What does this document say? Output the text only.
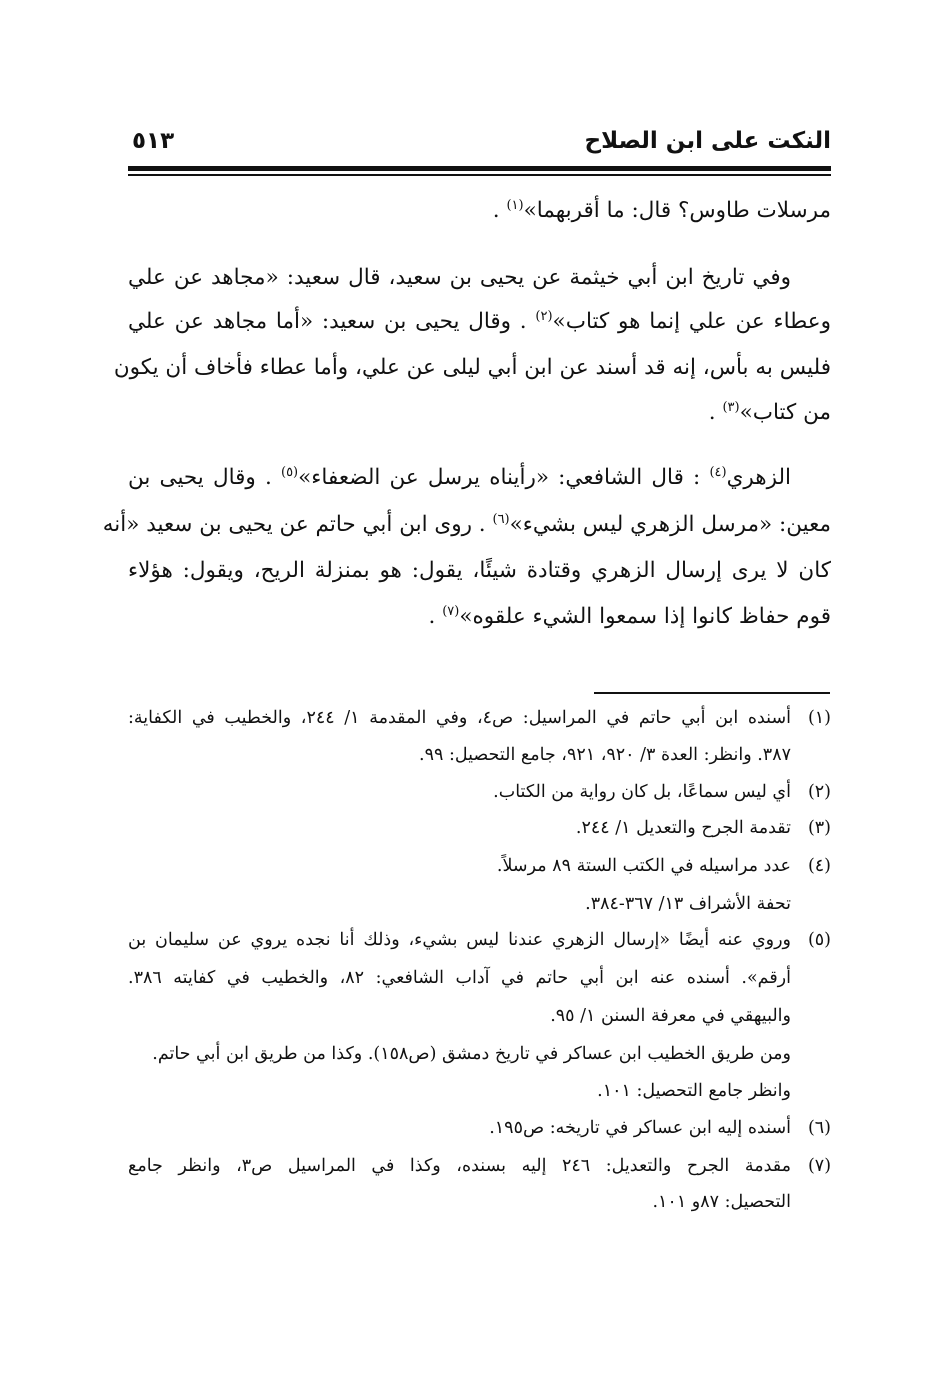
النكت على ابن الصلاح
٥١٣
مرسلات طاوس؟ قال: ما أقربهما»$^{(١)}$ .
وفي تاريخ ابن أبي خيثمة عن يحيى بن سعيد، قال سعيد: «مجاهد عن علي
وعطاء عن علي إنما هو كتاب»$^{(٢)}$ . وقال يحيى بن سعيد: «أما مجاهد عن علي
فليس به بأس، إنه قد أسند عن ابن أبي ليلى عن علي، وأما عطاء فأخاف أن يكون
من كتاب»$^{(٣)}$ .
الزهري$^{(٤)}$ : قال الشافعي: «رأيناه يرسل عن الضعفاء»$^{(٥)}$ . وقال يحيى بن
معين: «مرسل الزهري ليس بشيء»$^{(٦)}$ . روى ابن أبي حاتم عن يحيى بن سعيد «أنه
كان لا يرى إرسال الزهري وقتادة شيئًا، يقول: هو بمنزلة الريح، ويقول: هؤلاء
قوم حفاظ كانوا إذا سمعوا الشيء علقوه»$^{(٧)}$ .
(١)أسنده ابن أبي حاتم في المراسيل: ص٤، وفي المقدمة ١/ ٢٤٤، والخطيب في الكفاية:
٣٨٧. وانظر: العدة ٣/ ٩٢٠، ٩٢١، جامع التحصيل: ٩٩.
(٢)أي ليس سماعًا، بل كان رواية من الكتاب.
(٣)تقدمة الجرح والتعديل ١/ ٢٤٤.
(٤)عدد مراسيله في الكتب الستة ٨٩ مرسلاً.
تحفة الأشراف ١٣/ ٣٦٧-٣٨٤.
(٥)وروي عنه أيضًا «إرسال الزهري عندنا ليس بشيء، وذلك أنا نجده يروي عن سليمان بن
أرقم». أسنده عنه ابن أبي حاتم في آداب الشافعي: ٨٢، والخطيب في كفايته ٣٨٦.
والبيهقي في معرفة السنن ١/ ٩٥.
ومن طريق الخطيب ابن عساكر في تاريخ دمشق (ص١٥٨). وكذا من طريق ابن أبي حاتم.
وانظر جامع التحصيل: ١٠١.
(٦)أسنده إليه ابن عساكر في تاريخه: ص١٩٥.
(٧)مقدمة الجرح والتعديل: ٢٤٦ إليه بسنده، وكذا في المراسيل ص٣، وانظر جامع
التحصيل: ٨٧و ١٠١.
